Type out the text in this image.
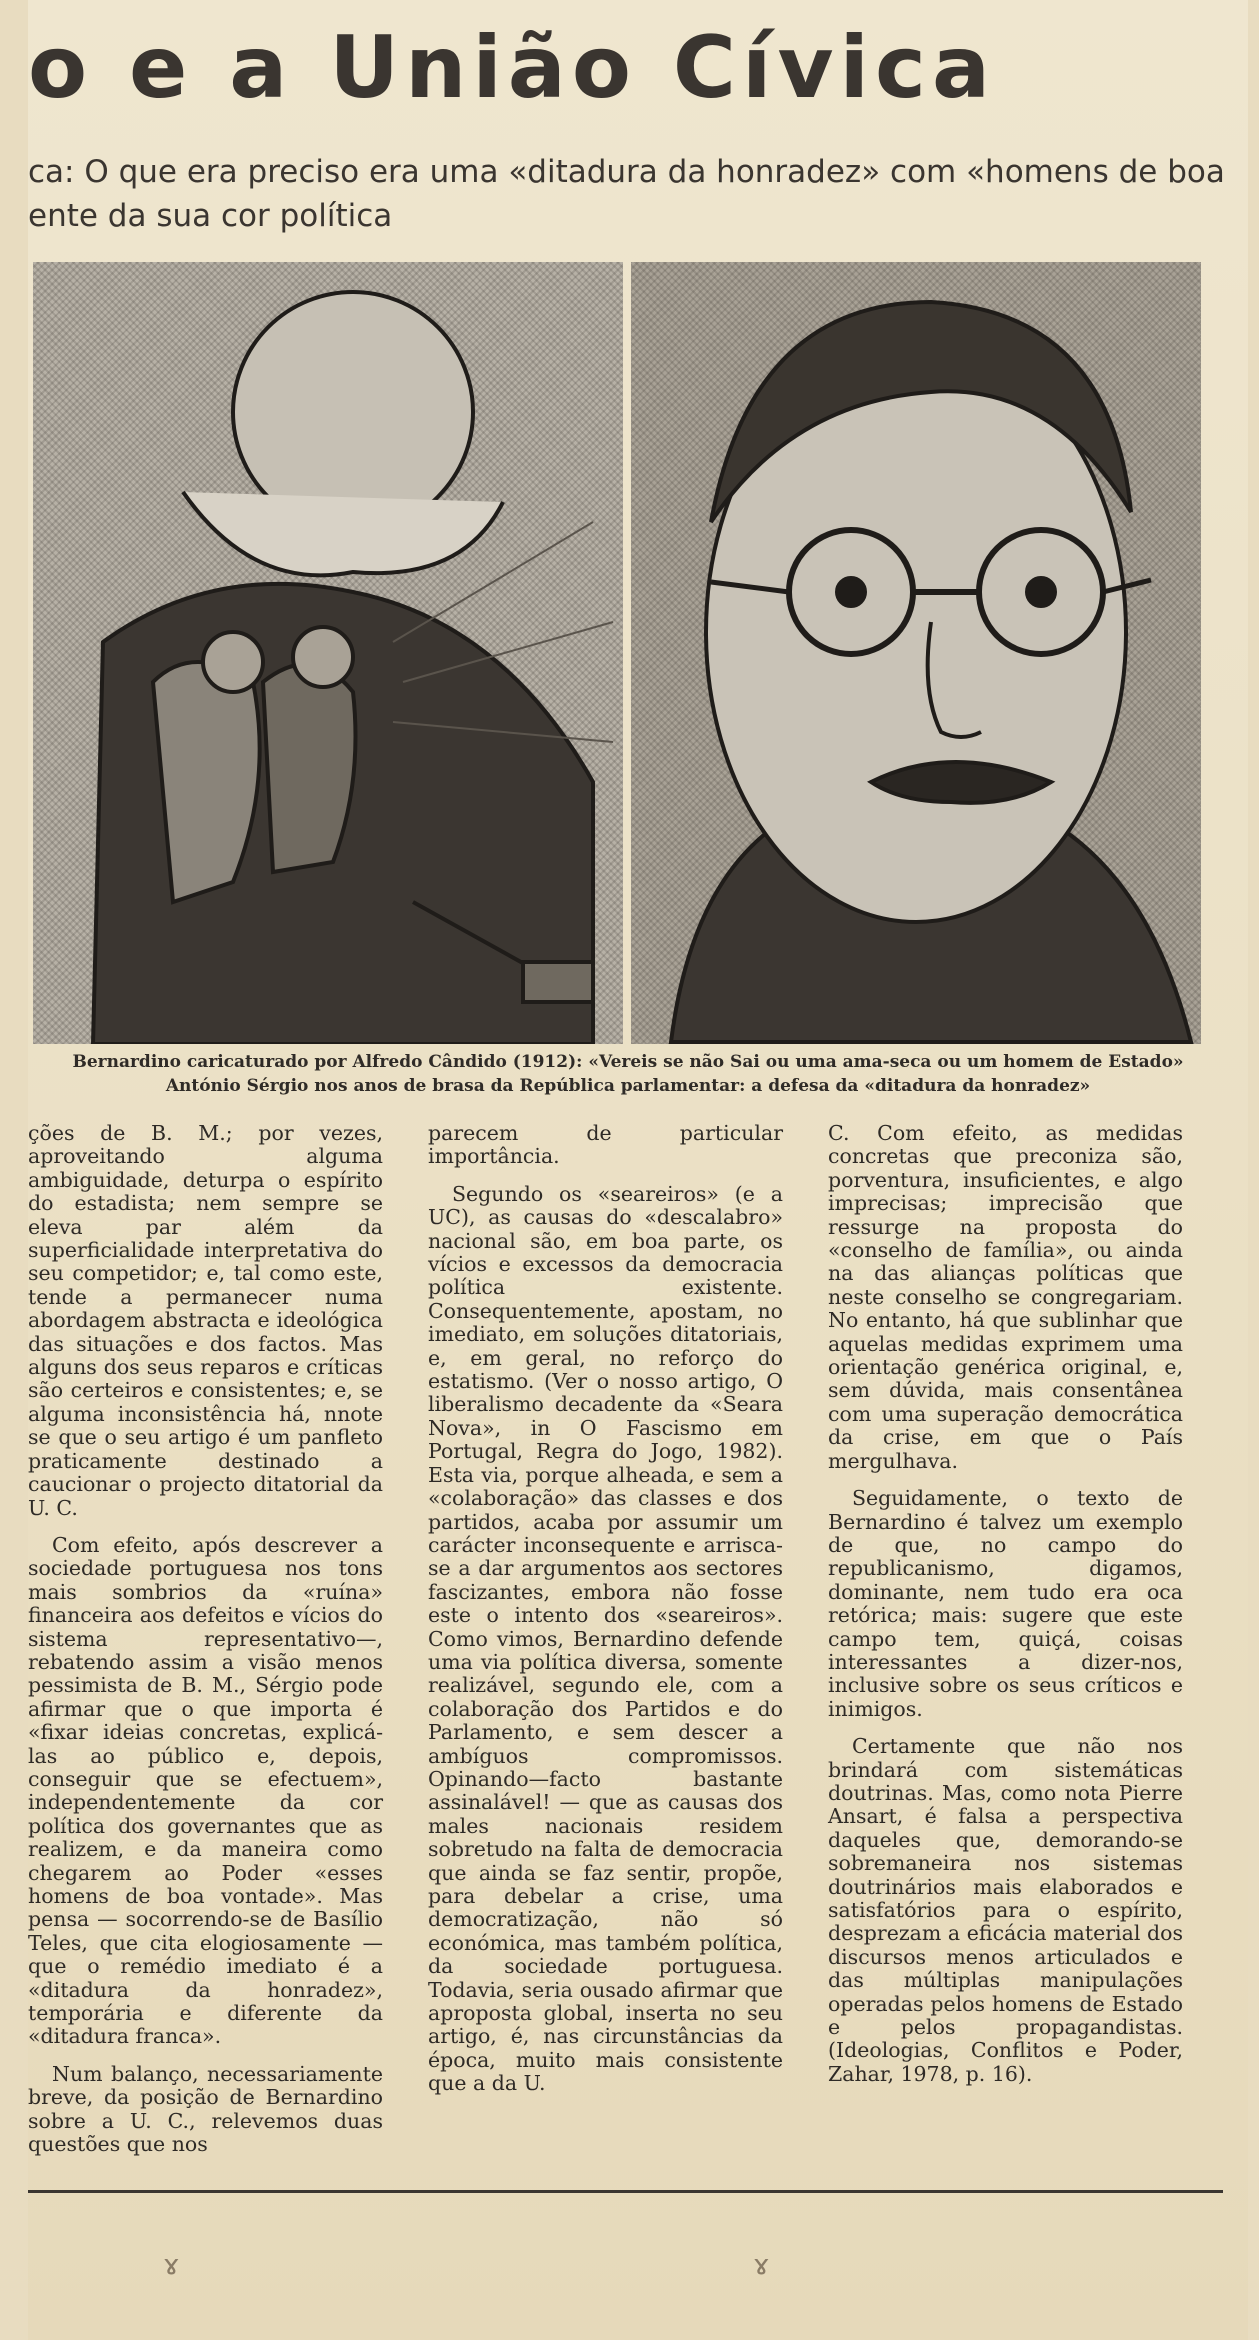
o e a União Cívica
ca: O que era preciso era uma «ditadura da honradez» com «homens de boa
ente da sua cor política
Bernardino caricaturado por Alfredo Cândido (1912): «Vereis se não Sai ou uma ama-seca ou um homem de Estado»
António Sérgio nos anos de brasa da República parlamentar: a defesa da «ditadura da honradez»

ções de B. M.; por vezes, aproveitando alguma ambiguidade, deturpa o espírito do estadista; nem sempre se eleva par além da superficialidade interpretativa do seu competidor; e, tal como este, tende a permanecer numa abordagem abstracta e ideológica das situações e dos factos. Mas alguns dos seus reparos e críticas são certeiros e consistentes; e, se alguma inconsistência há, nnote se que o seu artigo é um panfleto praticamente destinado a caucionar o projecto ditatorial da U. C.

Com efeito, após descrever a sociedade portuguesa nos tons mais sombrios da «ruína» financeira aos defeitos e vícios do sistema representativo—, rebatendo assim a visão menos pessimista de B. M., Sérgio pode afirmar que o que importa é «fixar ideias concretas, explicá-las ao público e, depois, conseguir que se efectuem», independentemente da cor política dos governantes que as realizem, e da maneira como chegarem ao Poder «esses homens de boa vontade». Mas pensa — socorrendo-se de Basílio Teles, que cita elogiosamente — que o remédio imediato é a «ditadura da honradez», temporária e diferente da «ditadura franca».

Num balanço, necessariamente breve, da posição de Bernardino sobre a U. C., relevemos duas questões que nos

parecem de particular importância.

Segundo os «seareiros» (e a UC), as causas do «descalabro» nacional são, em boa parte, os vícios e excessos da democracia política existente. Consequentemente, apostam, no imediato, em soluções ditatoriais, e, em geral, no reforço do estatismo. (Ver o nosso artigo, O liberalismo decadente da «Seara Nova», in O Fascismo em Portugal, Regra do Jogo, 1982). Esta via, porque alheada, e sem a «colaboração» das classes e dos partidos, acaba por assumir um carácter inconsequente e arrisca-se a dar argumentos aos sectores fascizantes, embora não fosse este o intento dos «seareiros». Como vimos, Bernardino defende uma via política diversa, somente realizável, segundo ele, com a colaboração dos Partidos e do Parlamento, e sem descer a ambíguos compromissos. Opinando—facto bastante assinalável! — que as causas dos males nacionais residem sobretudo na falta de democracia que ainda se faz sentir, propõe, para debelar a crise, uma democratização, não só económica, mas também política, da sociedade portuguesa. Todavia, seria ousado afirmar que aproposta global, inserta no seu artigo, é, nas circunstâncias da época, muito mais consistente que a da U.

C. Com efeito, as medidas concretas que preconiza são, porventura, insuficientes, e algo imprecisas; imprecisão que ressurge na proposta do «conselho de família», ou ainda na das alianças políticas que neste conselho se congregariam. No entanto, há que sublinhar que aquelas medidas exprimem uma orientação genérica original, e, sem dúvida, mais consentânea com uma superação democrática da crise, em que o País mergulhava.

Seguidamente, o texto de Bernardino é talvez um exemplo de que, no campo do republicanismo, digamos, dominante, nem tudo era oca retórica; mais: sugere que este campo tem, quiçá, coisas interessantes a dizer-nos, inclusive sobre os seus críticos e inimigos.

Certamente que não nos brindará com sistemáticas doutrinas. Mas, como nota Pierre Ansart, é falsa a perspectiva daqueles que, demorando-se sobremaneira nos sistemas doutrinários mais elaborados e satisfatórios para o espírito, desprezam a eficácia material dos discursos menos articulados e das múltiplas manipulações operadas pelos homens de Estado e pelos propagandistas. (Ideologias, Conflitos e Poder, Zahar, 1978, p. 16).

ɤ	ɤ
